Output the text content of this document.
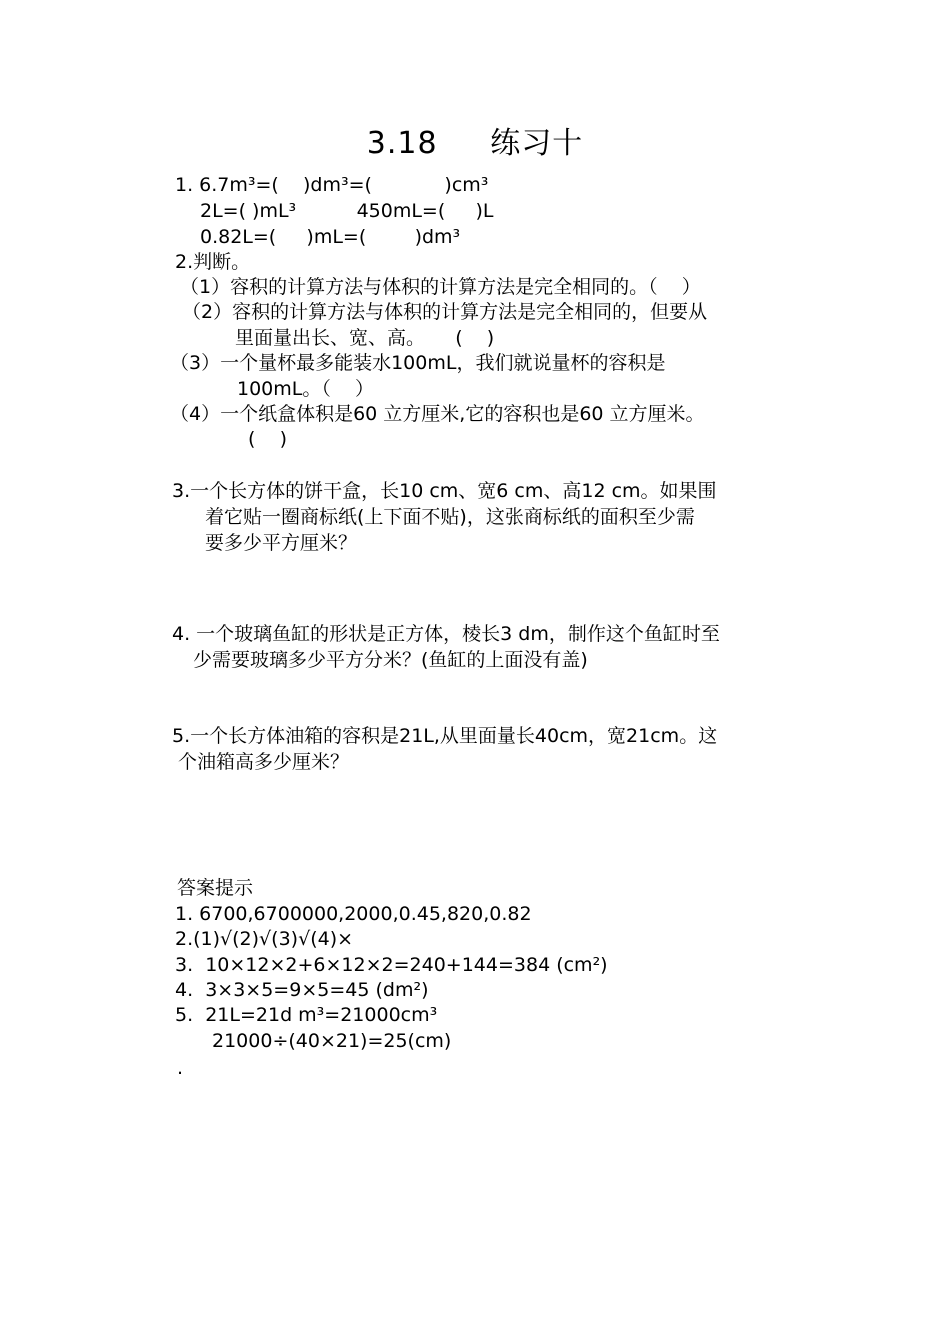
3.18     练习十
1. 6.7m³=(    )dm³=(            )cm³
2L=( )mL³          450mL=(     )L
0.82L=(     )mL=(        )dm³
2.判断。
（1）容积的计算方法与体积的计算方法是完全相同的。（    ）
（2）容积的计算方法与体积的计算方法是完全相同的，但要从
里面量出长、宽、高。     (    )
（3）一个量杯最多能装水100mL，我们就说量杯的容积是
100mL。（    ）
（4）一个纸盒体积是60 立方厘米,它的容积也是60 立方厘米。
(    )
3.一个长方体的饼干盒，长10 cm、宽6 cm、高12 cm。如果围
着它贴一圈商标纸(上下面不贴)，这张商标纸的面积至少需
要多少平方厘米？
4. 一个玻璃鱼缸的形状是正方体，棱长3 dm，制作这个鱼缸时至
少需要玻璃多少平方分米？(鱼缸的上面没有盖)
5.一个长方体油箱的容积是21L,从里面量长40cm，宽21cm。这
个油箱高多少厘米？
答案提示
1. 6700,6700000,2000,0.45,820,0.82
2.(1)√(2)√(3)√(4)×
3.  10×12×2+6×12×2=240+144=384 (cm²)
4.  3×3×5=9×5=45 (dm²)
5.  21L=21d m³=21000cm³
21000÷(40×21)=25(cm)
.
